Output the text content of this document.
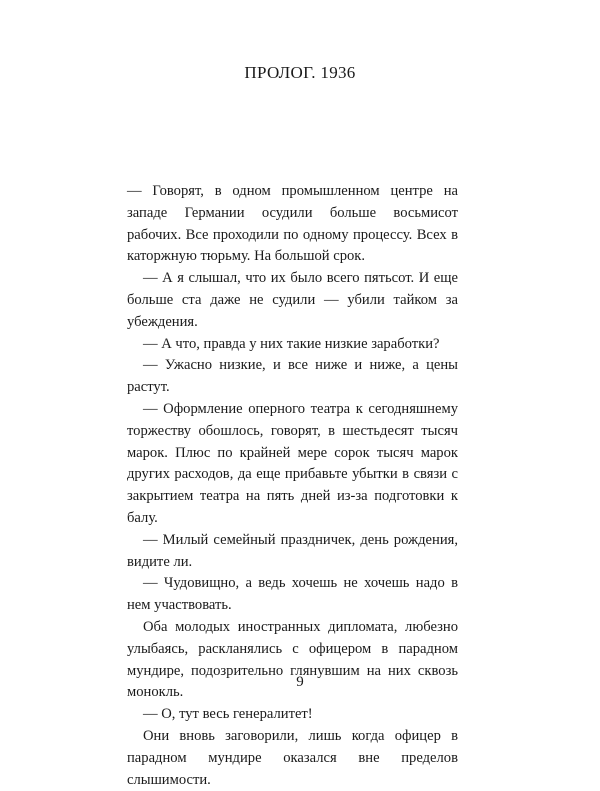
ПРОЛОГ. 1936

— Говорят, в одном промышленном центре на западе Германии осудили больше восьмисот рабочих. Все проходили по одному процессу. Всех в каторжную тюрьму. На большой срок.

— А я слышал, что их было всего пятьсот. И еще больше ста даже не судили — убили тайком за убеждения.

— А что, правда у них такие низкие заработки?

— Ужасно низкие, и все ниже и ниже, а цены растут.

— Оформление оперного театра к сегодняшнему торжеству обошлось, говорят, в шестьдесят тысяч марок. Плюс по крайней мере сорок тысяч марок других расходов, да еще прибавьте убытки в связи с закрытием театра на пять дней из-за подготовки к балу.

— Милый семейный праздничек, день рождения, видите ли.

— Чудовищно, а ведь хочешь не хочешь надо в нем участвовать.

Оба молодых иностранных дипломата, любезно улыбаясь, раскланялись с офицером в парадном мундире, подозрительно глянувшим на них сквозь монокль.

— О, тут весь генералитет!

Они вновь заговорили, лишь когда офицер в парадном мундире оказался вне пределов слышимости.

9
